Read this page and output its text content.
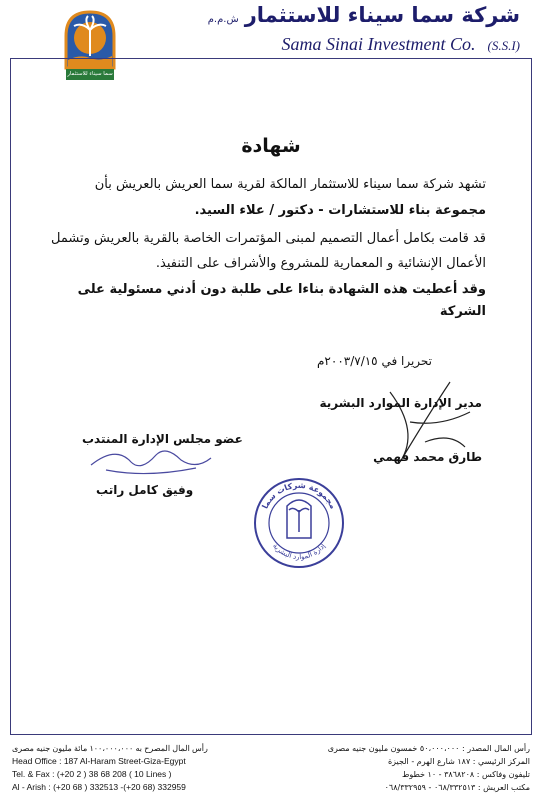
سما سيناء للاستثمار
شركة سما سيناء للاستثمارش.م.م
Sama Sinai Investment Co. (S.S.I)
شهادة
تشهد شركة سما سيناء للاستثمار المالكة لقرية سما العريش بالعريش بأن
مجموعة بناء للاستشارات - دكتور / علاء السيد.
قد قامت بكامل أعمال التصميم لمبنى المؤتمرات الخاصة بالقرية بالعريش وتشمل
الأعمال الإنشائية و المعمارية للمشروع والأشراف على التنفيذ.
وقد أعطيت هذه الشهادة بناءا على طلبة دون أدني مسئولية على الشركة
تحريرا في ٢٠٠٣/٧/١٥م
مدير الإدارة الموارد البشرية
طارق محمد فهمي
عضو مجلس الإدارة المنتدب
وفيق كامل راتب
مجموعة شركات سما
إدارة الموارد البشرية
رأس المال المصرح به ١٠٠،٠٠٠،٠٠٠ مائة مليون جنيه مصرى
Head Office : 187 Al-Haram Street-Giza-Egypt
Tel. & Fax : (+20 2 ) 38 68 208 ( 10 Lines )
Al - Arish : (+20 68 ) 332513 -(+20 68) 332959
رأس المال المصدر : ٥٠،٠٠٠،٠٠٠ خمسون مليون جنيه مصرى
المركز الرئيسي : ١٨٧ شارع الهرم - الجيزة
تليفون وفاكس : ٣٨٦٨٢٠٨ - ١٠ خطوط
مكتب العريش : ٠٦٨/٣٣٢٥١٣ - ٠٦٨/٣٣٢٩٥٩
